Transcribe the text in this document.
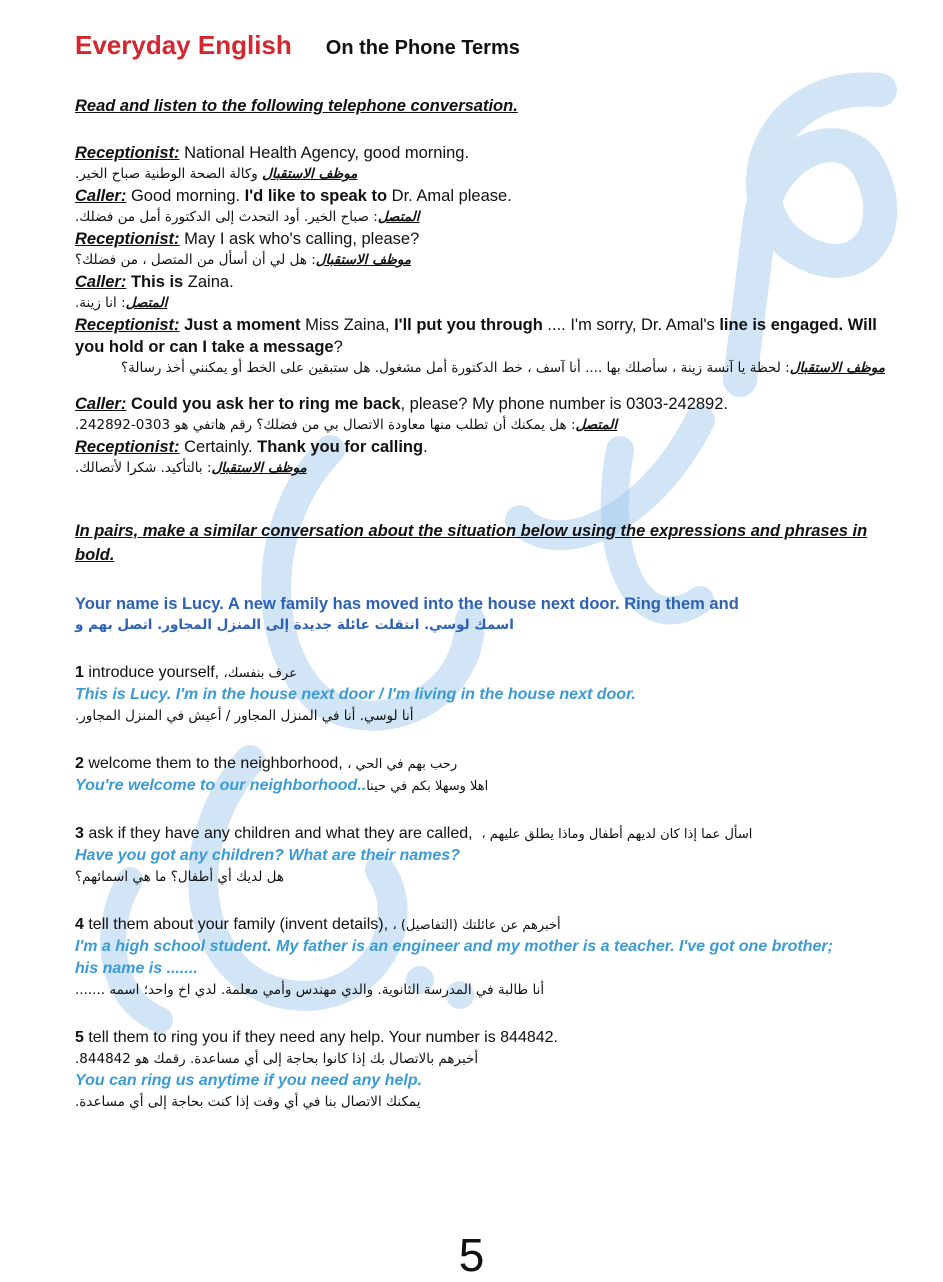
Everyday English On the Phone Terms
Read and listen to the following telephone conversation.
Receptionist: National Health Agency, good morning.
موظف الاستقبال وكالة الصحة الوطنية صباح الخير.
Caller: Good morning. I'd like to speak to Dr. Amal please.
المتصل: صباح الخير. أود التحدث إلى الدكتورة أمل من فضلك.
Receptionist: May I ask who's calling, please?
موظف الاستقبال: هل لي أن أسأل من المتصل ، من فضلك؟
Caller: This is Zaina.
المتصل: انا زينة.
Receptionist: Just a moment Miss Zaina, I'll put you through .... I'm sorry, Dr. Amal's line is engaged. Will you hold or can I take a message?
موظف الاستقبال: لحظة يا آنسة زينة ، سأصلك بها .... أنا آسف ، خط الدكتورة أمل مشغول. هل ستبقين على الخط أو يمكنني أخذ رسالة؟
Caller: Could you ask her to ring me back, please? My phone number is 0303-242892.
المتصل: هل يمكنك أن تطلب منها معاودة الاتصال بي من فضلك؟ رقم هاتفي هو 0303-242892.
Receptionist: Certainly. Thank you for calling.
موظف الاستقبال: بالتأكيد. شكرا لأتصالك.
In pairs, make a similar conversation about the situation below using the expressions and phrases in bold.
Your name is Lucy. A new family has moved into the house next door. Ring them and
اسمك لوسي. انتقلت عائلة جديدة إلى المنزل المجاور. اتصل بهم و
1 introduce yourself, عرف بنفسك،
This is Lucy. I'm in the house next door / I'm living in the house next door.
أنا لوسي. أنا في المنزل المجاور / أعيش في المنزل المجاور.
2 welcome them to the neighborhood, رحب بهم في الحي ،
You're welcome to our neighborhood..اهلا وسهلا بكم في حينا
3 ask if they have any children and what they are called, اسأل عما إذا كان لديهم أطفال وماذا يطلق عليهم ،
Have you got any children? What are their names?
هل لديك أي أطفال؟ ما هي اسمائهم؟
4 tell them about your family (invent details), أخبرهم عن عائلتك (التفاصيل) ،
I'm a high school student. My father is an engineer and my mother is a teacher. I've got one brother; his name is .......
أنا طالبة في المدرسة الثانوية. والدي مهندس وأمي معلمة. لدي اخ واحد؛ اسمه .......
5 tell them to ring you if they need any help. Your number is 844842.
أخبرهم بالاتصال بك إذا كانوا بحاجة إلى أي مساعدة. رقمك هو 844842.
You can ring us anytime if you need any help.
يمكنك الاتصال بنا في أي وقت إذا كنت بحاجة إلى أي مساعدة.
5
